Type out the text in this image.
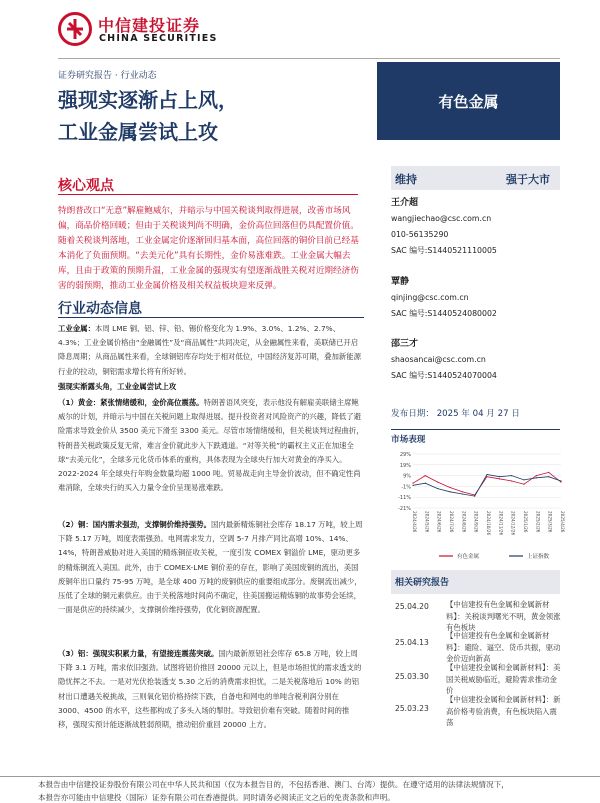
中信建投证券
CHINA SECURITIES
证券研究报告 · 行业动态
强现实逐渐占上风，
工业金属尝试上攻
有色金属
核心观点
特朗普改口“无意”解雇鲍威尔，并暗示与中国关税谈判取得进展，改善市场风偏，商品价格回暖；但由于关税谈判尚不明确，金价高位回落但仍具配置价值。随着关税谈判落地，工业金属定价逐渐回归基本面，高位回落的铜价目前已经基本消化了负面预期。“去美元化”具有长期性，金价易涨难跌。工业金属大幅去库，且由于政策的预期升温，工业金属的强现实有望逐渐战胜关税对近期经济伤害的弱预期，推动工业金属价格及相关权益板块迎来反弹。
行业动态信息
工业金属：本周 LME 铜、铝、锌、铅、锡价格变化为 1.9%、3.0%、1.2%、2.7%、4.3%；工业金属价格由“金融属性”及“商品属性”共同决定，从金融属性来看，美联储已开启降息周期；从商品属性来看，全球铜铝库存均处于相对低位，中国经济复苏可期，叠加新能源行业的拉动，铜铝需求增长将有所好转。
强现实渐露头角，工业金属尝试上攻
（1）黄金：紧张情绪缓和，金价高位震荡。特朗普语风突变，表示他没有解雇美联储主席鲍威尔的计划，并暗示与中国在关税问题上取得进展。提升投资者对风险资产的兴趣，降低了避险需求导致金价从 3500 美元下滑至 3300 美元。尽管市场情绪缓和，但关税谈判过程曲折，特朗普关税政策反复无常，难言金价就此步入下跌通道。“对等关税”的霸权主义正在加速全球“去美元化”，全球多元化货币体系的重构，具体表现为全球央行加大对黄金的净买入。2022-2024 年全球央行年购金数量均超 1000 吨。贸易战走向主导金价波动，但不确定性尚难消除，全球央行的买入力量令金价呈现易涨难跌。
（2）铜：国内需求强劲，支撑铜价维持强势。国内最新精炼铜社会库存 18.17 万吨，较上周下降 5.17 万吨，周度表需强劲。电网需求发力，空调 5-7 月排产同比高增 10%、14%、14%，特朗普威胁对进入美国的精炼铜征收关税，一度引发 COMEX 铜溢价 LME，驱动更多的精炼铜流入美国。此外，由于 COMEX-LME 铜价差的存在，影响了美国废铜的流出，美国废铜年出口量约 75-95 万吨，是全球 400 万吨的废铜供应的重要组成部分。废铜流出减少，压低了全球的铜元素供应。由于关税落地时间尚不确定，往美国搬运精炼铜的故事势会延续，一面是供应的持续减少，支撑铜价维持强势，优化铜资源配置。
（3）铝：强现实积累力量，有望接连震荡突破。国内最新原铝社会库存 65.8 万吨，较上周下降 3.1 万吨，需求依旧强劲。试图将铝价推回 20000 元以上，但是市场担忧的需求透支的隐忧挥之不去。一是对光伏抢装透支 5.30 之后的消费需求担忧，二是关税落地后 10% 的铝材出口遭遇关税挑战，三则氧化铝价格持续下跌，自备电和网电的单吨含税利润分别在 3000、4500 的水平，这些都构成了多头入场的掣肘。导致铝价难有突破。随着时间的推移，强现实预计能逐渐战胜弱预期，推动铝价重回 20000 上方。
维持	强于大市
王介超
wangjiechao@csc.com.cn
010-56135290
SAC 编号:S1440521110005
覃静
qinjing@csc.com.cn
SAC 编号:S1440524080002
邵三才
shaosancai@csc.com.cn
SAC 编号:S1440524070004
发布日期： 2025 年 04 月 27 日
市场表现
29%
19%
9%
-1%
-11%
-21%
2024/4/26 2024/5/26 2024/6/26 2024/7/26 2024/8/26 2024/9/26 2024/10/26 2024/11/26 2024/12/26 2025/1/26 2025/2/26 2025/3/26 2025/4/26
有色金属	上证指数
相关研究报告
25.04.20 【中信建投有色金属和金属新材料】：关税谈判曙光不明，黄金领涨有色板块
25.04.13
【中信建投有色金属和金属新材料】：避险、逼空、货币共振，驱动金价迈向新高
25.03.30
【中信建投金属和金属新材料】：美国关税威胁临近，避险需求推动金价
25.03.23
【中信建投金属和金属新材料】：新高价格考验消费，有色板块陷入震荡
本报告由中信建投证券股份有限公司在中华人民共和国（仅为本报告目的，不包括香港、澳门、台湾）提供。在遵守适用的法律法规情况下，
本报告亦可能由中信建投（国际）证券有限公司在香港提供。同时请务必阅读正文之后的免责条款和声明。
